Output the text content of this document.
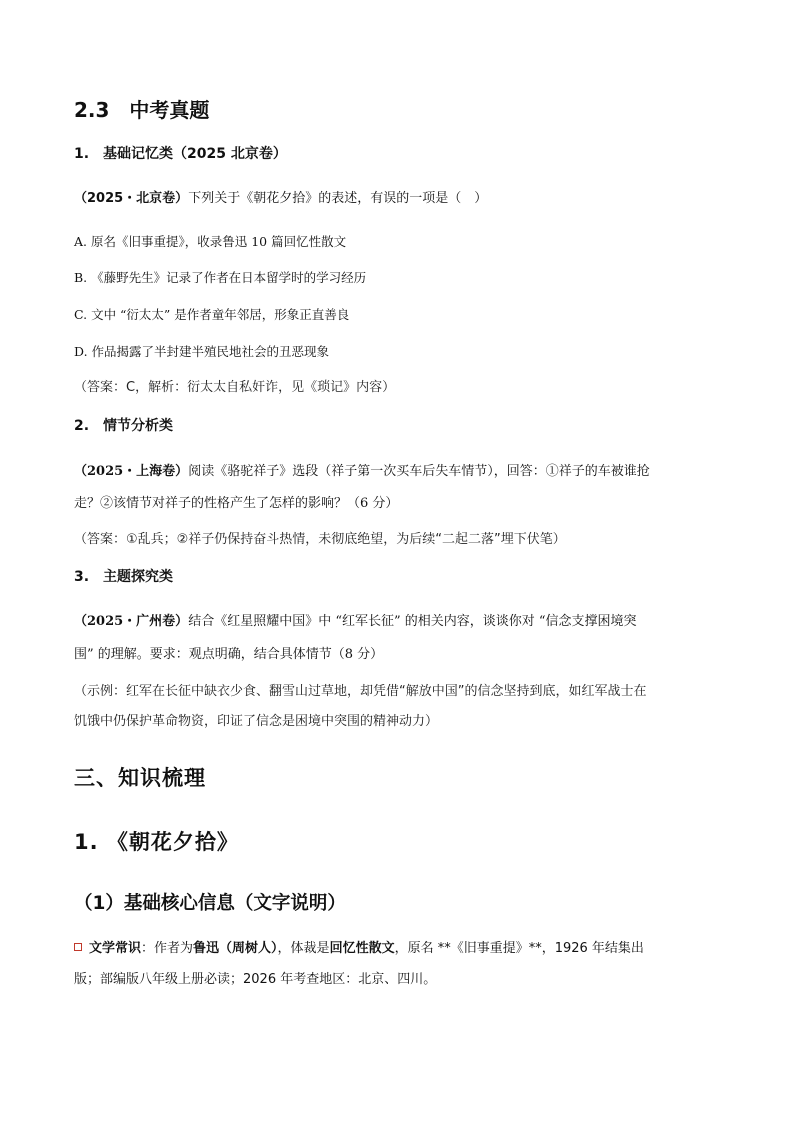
2.3　中考真题
1.　基础记忆类（2025 北京卷）
（2025・北京卷）下列关于《朝花夕拾》的表述，有误的一项是（　）
A. 原名《旧事重提》，收录鲁迅 10 篇回忆性散文
B. 《藤野先生》记录了作者在日本留学时的学习经历
C. 文中 “衍太太” 是作者童年邻居，形象正直善良
D. 作品揭露了半封建半殖民地社会的丑恶现象
（答案：C，解析：衍太太自私奸诈，见《琐记》内容）
2.　情节分析类
（2025・上海卷）阅读《骆驼祥子》选段（祥子第一次买车后失车情节），回答：①祥子的车被谁抢
走？②该情节对祥子的性格产生了怎样的影响？（6 分）
（答案：①乱兵；②祥子仍保持奋斗热情，未彻底绝望，为后续“二起二落”埋下伏笔）
3.　主题探究类
（2025・广州卷）结合《红星照耀中国》中 “红军长征” 的相关内容，谈谈你对 “信念支撑困境突
围” 的理解。要求：观点明确，结合具体情节（8 分）
（示例：红军在长征中缺衣少食、翻雪山过草地，却凭借“解放中国”的信念坚持到底，如红军战士在
饥饿中仍保护革命物资，印证了信念是困境中突围的精神动力）
三、知识梳理
1. 《朝花夕拾》
（1）基础核心信息（文字说明）
文学常识：作者为鲁迅（周树人），体裁是回忆性散文，原名 **《旧事重提》**，1926 年结集出
版；部编版八年级上册必读；2026 年考查地区：北京、四川。
